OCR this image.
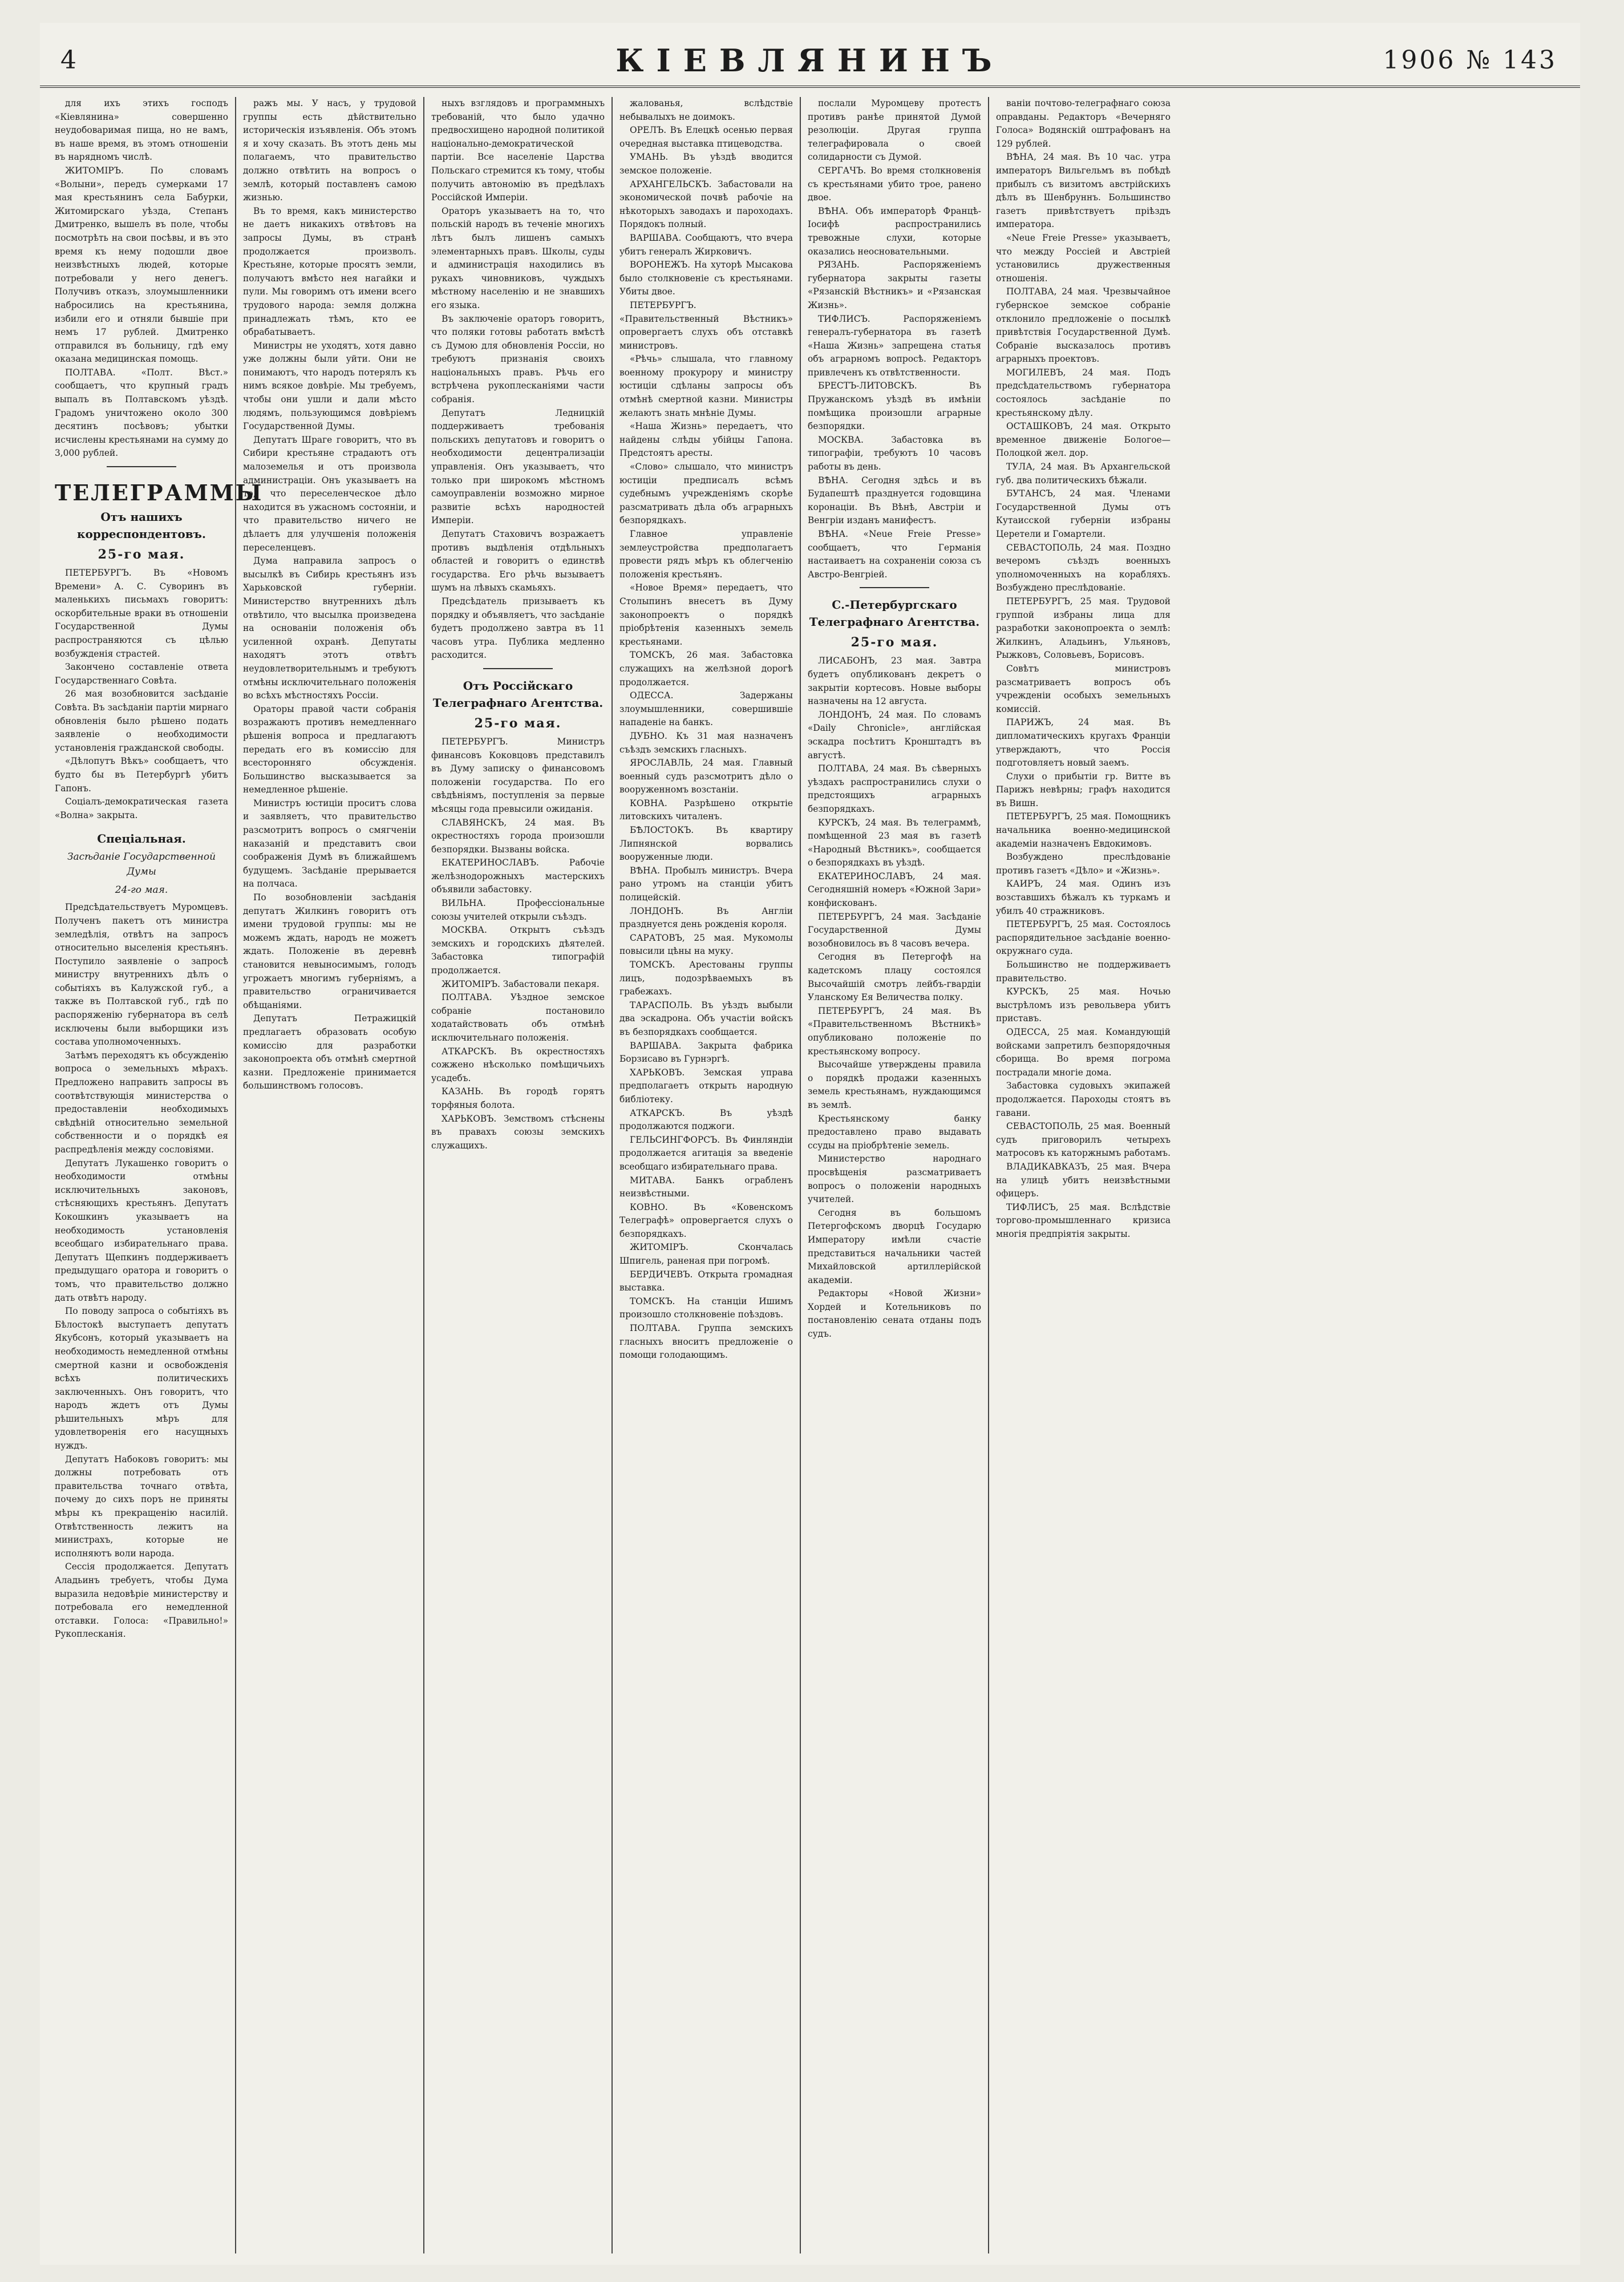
4	КІЕВЛЯНИНЪ	1906 № 143

для ихъ этихъ господъ «Кіевлянина» совершенно неудобоваримая пища, но не вамъ, въ наше время, въ этомъ отношеніи въ нарядномъ числѣ.

ЖИТОМІРЪ. По словамъ «Волыни», передъ сумерками 17 мая крестьянинъ села Бабурки, Житомирскаго уѣзда, Степанъ Дмитренко, вышелъ въ поле, чтобы посмотрѣть на свои посѣвы, и въ это время къ нему подошли двое неизвѣстныхъ людей, которые потребовали у него денегъ. Получивъ отказъ, злоумышленники набросились на крестьянина, избили его и отняли бывшіе при немъ 17 рублей. Дмитренко отправился въ больницу, гдѣ ему оказана медицинская помощь.

ПОЛТАВА. «Полт. Вѣст.» сообщаетъ, что крупный градъ выпалъ въ Полтавскомъ уѣздѣ. Градомъ уничтожено около 300 десятинъ посѣвовъ; убытки исчислены крестьянами на сумму до 3,000 рублей.

ТЕЛЕГРАММЫ
Отъ нашихъ корреспондентовъ.
25-го мая.

ПЕТЕРБУРГЪ. Въ «Новомъ Времени» А. С. Суворинъ въ маленькихъ письмахъ говоритъ: оскорбительные враки въ отношеніи Государственной Думы распространяются съ цѣлью возбужденія страстей.

Закончено составленіе ответа Государственнаго Совѣта.

26 мая возобновится засѣданіе Совѣта. Въ засѣданіи партіи мирнаго обновленія было рѣшено подать заявленіе о необходимости установленія гражданской свободы.

«Дѣлопутъ Вѣкъ» сообщаетъ, что будто бы въ Петербургѣ убитъ Гапонъ.

Соціалъ-демократическая газета «Волна» закрыта.

Спеціальная.
Засѣданіе Государственной Думы
24-го мая.

Предсѣдательствуетъ Муромцевъ. Полученъ пакетъ отъ министра земледѣлія, отвѣтъ на запросъ относительно выселенія крестьянъ. Поступило заявленіе о запросѣ министру внутреннихъ дѣлъ о событіяхъ въ Калужской губ., а также въ Полтавской губ., гдѣ по распоряженію губернатора въ селѣ исключены были выборщики изъ состава уполномоченныхъ.

Затѣмъ переходятъ къ обсужденію вопроса о земельныхъ мѣрахъ. Предложено направить запросы въ соотвѣтствующія министерства о предоставленіи необходимыхъ свѣдѣній относительно земельной собственности и о порядкѣ ея распредѣленія между сословіями.

Депутатъ Лукашенко говоритъ о необходимости отмѣны исключительныхъ законовъ, стѣсняющихъ крестьянъ. Депутатъ Кокошкинъ указываетъ на необходимость установленія всеобщаго избирательнаго права. Депутатъ Щепкинъ поддерживаетъ предыдущаго оратора и говоритъ о томъ, что правительство должно дать отвѣтъ народу.

По поводу запроса о событіяхъ въ Бѣлостокѣ выступаетъ депутатъ Якубсонъ, который указываетъ на необходимость немедленной отмѣны смертной казни и освобожденія всѣхъ политическихъ заключенныхъ. Онъ говоритъ, что народъ ждетъ отъ Думы рѣшительныхъ мѣръ для удовлетворенія его насущныхъ нуждъ.

Депутатъ Набоковъ говоритъ: мы должны потребовать отъ правительства точнаго отвѣта, почему до сихъ поръ не приняты мѣры къ прекращенію насилій. Отвѣтственность лежитъ на министрахъ, которые не исполняютъ воли народа.

Сессія продолжается. Депутатъ Аладьинъ требуетъ, чтобы Дума выразила недовѣріе министерству и потребовала его немедленной отставки. Голоса: «Правильно!» Рукоплесканія.

ражъ мы. У насъ, у трудовой группы есть дѣйствительно историческія изъявленія. Объ этомъ я и хочу сказать. Въ этотъ день мы полагаемъ, что правительство должно отвѣтить на вопросъ о землѣ, который поставленъ самою жизнью.

Въ то время, какъ министерство не даетъ никакихъ отвѣтовъ на запросы Думы, въ странѣ продолжается произволъ. Крестьяне, которые просятъ земли, получаютъ вмѣсто нея нагайки и пули. Мы говоримъ отъ имени всего трудового народа: земля должна принадлежать тѣмъ, кто ее обрабатываетъ.

Министры не уходятъ, хотя давно уже должны были уйти. Они не понимаютъ, что народъ потерялъ къ нимъ всякое довѣріе. Мы требуемъ, чтобы они ушли и дали мѣсто людямъ, пользующимся довѣріемъ Государственной Думы.

Депутатъ Шраге говоритъ, что въ Сибири крестьяне страдаютъ отъ малоземелья и отъ произвола администраціи. Онъ указываетъ на то, что переселенческое дѣло находится въ ужасномъ состояніи, и что правительство ничего не дѣлаетъ для улучшенія положенія переселенцевъ.

Дума направила запросъ о высылкѣ въ Сибирь крестьянъ изъ Харьковской губерніи. Министерство внутреннихъ дѣлъ отвѣтило, что высылка произведена на основаніи положенія объ усиленной охранѣ. Депутаты находятъ этотъ отвѣтъ неудовлетворительнымъ и требуютъ отмѣны исключительнаго положенія во всѣхъ мѣстностяхъ Россіи.

Ораторы правой части собранія возражаютъ противъ немедленнаго рѣшенія вопроса и предлагаютъ передать его въ комиссію для всесторонняго обсужденія. Большинство высказывается за немедленное рѣшеніе.

Министръ юстиціи проситъ слова и заявляетъ, что правительство разсмотритъ вопросъ о смягченіи наказаній и представитъ свои соображенія Думѣ въ ближайшемъ будущемъ. Засѣданіе прерывается на полчаса.

По возобновленіи засѣданія депутатъ Жилкинъ говоритъ отъ имени трудовой группы: мы не можемъ ждать, народъ не можетъ ждать. Положеніе въ деревнѣ становится невыносимымъ, голодъ угрожаетъ многимъ губерніямъ, а правительство ограничивается обѣщаніями.

Депутатъ Петражицкій предлагаетъ образовать особую комиссію для разработки законопроекта объ отмѣнѣ смертной казни. Предложеніе принимается большинствомъ голосовъ.

ныхъ взглядовъ и программныхъ требованій, что было удачно предвосхищено народной политикой національно-демократической партіи. Все населеніе Царства Польскаго стремится къ тому, чтобы получить автономію въ предѣлахъ Россійской Имперіи.

Ораторъ указываетъ на то, что польскій народъ въ теченіе многихъ лѣтъ былъ лишенъ самыхъ элементарныхъ правъ. Школы, суды и администрація находились въ рукахъ чиновниковъ, чуждыхъ мѣстному населенію и не знавшихъ его языка.

Въ заключеніе ораторъ говоритъ, что поляки готовы работать вмѣстѣ съ Думою для обновленія Россіи, но требуютъ признанія своихъ національныхъ правъ. Рѣчь его встрѣчена рукоплесканіями части собранія.

Депутатъ Ледницкій поддерживаетъ требованія польскихъ депутатовъ и говоритъ о необходимости децентрализаціи управленія. Онъ указываетъ, что только при широкомъ мѣстномъ самоуправленіи возможно мирное развитіе всѣхъ народностей Имперіи.

Депутатъ Стаховичъ возражаетъ противъ выдѣленія отдѣльныхъ областей и говоритъ о единствѣ государства. Его рѣчь вызываетъ шумъ на лѣвыхъ скамьяхъ.

Предсѣдатель призываетъ къ порядку и объявляетъ, что засѣданіе будетъ продолжено завтра въ 11 часовъ утра. Публика медленно расходится.

Отъ Россійскаго Телеграфнаго Агентства.
25-го мая.

ПЕТЕРБУРГЪ. Министръ финансовъ Коковцовъ представилъ въ Думу записку о финансовомъ положеніи государства. По его свѣдѣніямъ, поступленія за первые мѣсяцы года превысили ожиданія.

СЛАВЯНСКЪ, 24 мая. Въ окрестностяхъ города произошли безпорядки. Вызваны войска.

ЕКАТЕРИНОСЛАВЪ. Рабочіе желѣзнодорожныхъ мастерскихъ объявили забастовку.

ВИЛЬНА. Профессіональные союзы учителей открыли съѣздъ.

МОСКВА. Открытъ съѣздъ земскихъ и городскихъ дѣятелей. Забастовка типографій продолжается.

ЖИТОМІРЪ. Забастовали пекаря.

ПОЛТАВА. Уѣздное земское собраніе постановило ходатайствовать объ отмѣнѣ исключительнаго положенія.

АТКАРСКЪ. Въ окрестностяхъ сожжено нѣсколько помѣщичьихъ усадебъ.

КАЗАНЬ. Въ городѣ горятъ торфяныя болота.

ХАРЬКОВЪ. Земствомъ стѣснены въ правахъ союзы земскихъ служащихъ.

жалованья, вслѣдствіе небывалыхъ не доимокъ.

ОРЕЛЪ. Въ Елецкѣ осенью первая очередная выставка птицеводства.

УМАНЬ. Въ уѣздѣ вводится земское положеніе.

АРХАНГЕЛЬСКЪ. Забастовали на экономической почвѣ рабочіе на нѣкоторыхъ заводахъ и пароходахъ. Порядокъ полный.

ВАРШАВА. Сообщаютъ, что вчера убитъ генералъ Жирковичъ.

ВОРОНЕЖЪ. На хуторѣ Мысакова было столкновеніе съ крестьянами. Убиты двое.

ПЕТЕРБУРГЪ. «Правительственный Вѣстникъ» опровергаетъ слухъ объ отставкѣ министровъ.

«Рѣчь» слышала, что главному военному прокурору и министру юстиціи сдѣланы запросы объ отмѣнѣ смертной казни. Министры желаютъ знать мнѣніе Думы.

«Наша Жизнь» передаетъ, что найдены слѣды убійцы Гапона. Предстоятъ аресты.

«Слово» слышало, что министръ юстиціи предписалъ всѣмъ судебнымъ учрежденіямъ скорѣе разсматривать дѣла объ аграрныхъ безпорядкахъ.

Главное управленіе землеустройства предполагаетъ провести рядъ мѣръ къ облегченію положенія крестьянъ.

«Новое Время» передаетъ, что Столыпинъ внесетъ въ Думу законопроектъ о порядкѣ пріобрѣтенія казенныхъ земель крестьянами.

ТОМСКЪ, 26 мая. Забастовка служащихъ на желѣзной дорогѣ продолжается.

ОДЕССА. Задержаны злоумышленники, совершившіе нападеніе на банкъ.

ДУБНО. Къ 31 мая назначенъ съѣздъ земскихъ гласныхъ.

ЯРОСЛАВЛЬ, 24 мая. Главный военный судъ разсмотритъ дѣло о вооруженномъ возстаніи.

КОВНА. Разрѣшено открытіе литовскихъ читаленъ.

БѢЛОСТОКЪ. Въ квартиру Липнянской ворвались вооруженные люди.

ВѢНА. Пробылъ министръ. Вчера рано утромъ на станціи убитъ полицейскій.

ЛОНДОНЪ. Въ Англіи празднуется день рожденія короля.

САРАТОВЪ, 25 мая. Мукомолы повысили цѣны на муку.

ТОМСКЪ. Арестованы группы лицъ, подозрѣваемыхъ въ грабежахъ.

ТАРАСПОЛЬ. Въ уѣздъ выбыли два эскадрона. Объ участіи войскъ въ безпорядкахъ сообщается.

ВАРШАВА. Закрыта фабрика Борзисаво въ Гурнэргѣ.

ХАРЬКОВЪ. Земская управа предполагаетъ открыть народную библіотеку.

АТКАРСКЪ. Въ уѣздѣ продолжаются поджоги.

ГЕЛЬСИНГФОРСЪ. Въ Финляндіи продолжается агитація за введеніе всеобщаго избирательнаго права.

МИТАВА. Банкъ ограбленъ неизвѣстными.

КОВНО. Въ «Ковенскомъ Телеграфѣ» опровергается слухъ о безпорядкахъ.

ЖИТОМІРЪ. Скончалась Шпигель, раненая при погромѣ.

БЕРДИЧЕВЪ. Открыта громадная выставка.

ТОМСКЪ. На станціи Ишимъ произошло столкновеніе поѣздовъ.

ПОЛТАВА. Группа земскихъ гласныхъ вноситъ предложеніе о помощи голодающимъ.

послали Муромцеву протестъ противъ ранѣе принятой Думой резолюціи. Другая группа телеграфировала о своей солидарности съ Думой.

СЕРГАЧЪ. Во время столкновенія съ крестьянами убито трое, ранено двое.

ВѢНА. Объ императорѣ Францѣ-Іосифѣ распространились тревожные слухи, которые оказались неосновательными.

РЯЗАНЬ. Распоряженіемъ губернатора закрыты газеты «Рязанскій Вѣстникъ» и «Рязанская Жизнь».

ТИФЛИСЪ. Распоряженіемъ генералъ-губернатора въ газетѣ «Наша Жизнь» запрещена статья объ аграрномъ вопросѣ. Редакторъ привлеченъ къ отвѣтственности.

БРЕСТЪ-ЛИТОВСКЪ. Въ Пружанскомъ уѣздѣ въ имѣніи помѣщика произошли аграрные безпорядки.

МОСКВА. Забастовка въ типографіи, требуютъ 10 часовъ работы въ день.

ВѢНА. Сегодня здѣсь и въ Будапештѣ празднуется годовщина коронаціи. Въ Вѣнѣ, Австріи и Венгріи изданъ манифестъ.

ВѢНА. «Neue Freie Presse» сообщаетъ, что Германія настаиваетъ на сохраненіи союза съ Австро-Венгріей.

С.-Петербургскаго Телеграфнаго Агентства.
25-го мая.

ЛИСАБОНЪ, 23 мая. Завтра будетъ опубликованъ декретъ о закрытіи кортесовъ. Новые выборы назначены на 12 августа.

ЛОНДОНЪ, 24 мая. По словамъ «Daily Chronicle», англійская эскадра посѣтитъ Кронштадтъ въ августѣ.

ПОЛТАВА, 24 мая. Въ сѣверныхъ уѣздахъ распространились слухи о предстоящихъ аграрныхъ безпорядкахъ.

КУРСКЪ, 24 мая. Въ телеграммѣ, помѣщенной 23 мая въ газетѣ «Народный Вѣстникъ», сообщается о безпорядкахъ въ уѣздѣ.

ЕКАТЕРИНОСЛАВЪ, 24 мая. Сегодняшній номеръ «Южной Зари» конфискованъ.

ПЕТЕРБУРГЪ, 24 мая. Засѣданіе Государственной Думы возобновилось въ 8 часовъ вечера.

Сегодня въ Петергофѣ на кадетскомъ плацу состоялся Высочайшій смотръ лейбъ-гвардіи Уланскому Ея Величества полку.

ПЕТЕРБУРГЪ, 24 мая. Въ «Правительственномъ Вѣстникѣ» опубликовано положеніе по крестьянскому вопросу.

Высочайше утверждены правила о порядкѣ продажи казенныхъ земель крестьянамъ, нуждающимся въ землѣ.

Крестьянскому банку предоставлено право выдавать ссуды на пріобрѣтеніе земель.

Министерство народнаго просвѣщенія разсматриваетъ вопросъ о положеніи народныхъ учителей.

Сегодня въ большомъ Петергофскомъ дворцѣ Государю Императору имѣли счастіе представиться начальники частей Михайловской артиллерійской академіи.

Редакторы «Новой Жизни» Хордей и Котельниковъ по постановленію сената отданы подъ судъ.

ваніи почтово-телеграфнаго союза оправданы. Редакторъ «Вечерняго Голоса» Водянскій оштрафованъ на 129 рублей.

ВѢНА, 24 мая. Въ 10 час. утра императоръ Вильгельмъ въ побѣдѣ прибылъ съ визитомъ австрійскихъ дѣлъ въ Шенбруннъ. Большинство газетъ привѣтствуетъ пріѣздъ императора.

«Neue Freie Presse» указываетъ, что между Россіей и Австріей установились дружественныя отношенія.

ПОЛТАВА, 24 мая. Чрезвычайное губернское земское собраніе отклонило предложеніе о посылкѣ привѣтствія Государственной Думѣ. Собраніе высказалось противъ аграрныхъ проектовъ.

МОГИЛЕВЪ, 24 мая. Подъ предсѣдательствомъ губернатора состоялось засѣданіе по крестьянскому дѣлу.

ОСТАШКОВЪ, 24 мая. Открыто временное движеніе Бологое—Полоцкой жел. дор.

ТУЛА, 24 мая. Въ Архангельской губ. два политическихъ бѣжали.

БУТАНСЪ, 24 мая. Членами Государственной Думы отъ Кутаисской губерніи избраны Церетели и Гомартели.

СЕВАСТОПОЛЬ, 24 мая. Поздно вечеромъ съѣздъ военныхъ уполномоченныхъ на корабляхъ. Возбуждено преслѣдованіе.

ПЕТЕРБУРГЪ, 25 мая. Трудовой группой избраны лица для разработки законопроекта о землѣ: Жилкинъ, Аладьинъ, Ульяновъ, Рыжковъ, Соловьевъ, Борисовъ.

Совѣтъ министровъ разсматриваетъ вопросъ объ учрежденіи особыхъ земельныхъ комиссій.

ПАРИЖЪ, 24 мая. Въ дипломатическихъ кругахъ Франціи утверждаютъ, что Россія подготовляетъ новый заемъ.

Слухи о прибытіи гр. Витте въ Парижъ невѣрны; графъ находится въ Вишн.

ПЕТЕРБУРГЪ, 25 мая. Помощникъ начальника военно-медицинской академіи назначенъ Евдокимовъ.

Возбуждено преслѣдованіе противъ газетъ «Дѣло» и «Жизнь».

КАИРЪ, 24 мая. Одинъ изъ возставшихъ бѣжалъ къ туркамъ и убилъ 40 стражниковъ.

ПЕТЕРБУРГЪ, 25 мая. Состоялось распорядительное засѣданіе военно-окружнаго суда.

Большинство не поддерживаетъ правительство.

КУРСКЪ, 25 мая. Ночью выстрѣломъ изъ револьвера убитъ приставъ.

ОДЕССА, 25 мая. Командующій войсками запретилъ безпорядочныя сборища. Во время погрома пострадали многіе дома.

Забастовка судовыхъ экипажей продолжается. Пароходы стоятъ въ гавани.

СЕВАСТОПОЛЬ, 25 мая. Военный судъ приговорилъ четырехъ матросовъ къ каторжнымъ работамъ.

ВЛАДИКАВКАЗЪ, 25 мая. Вчера на улицѣ убитъ неизвѣстными офицеръ.

ТИФЛИСЪ, 25 мая. Вслѣдствіе торгово-промышленнаго кризиса многія предпріятія закрыты.
